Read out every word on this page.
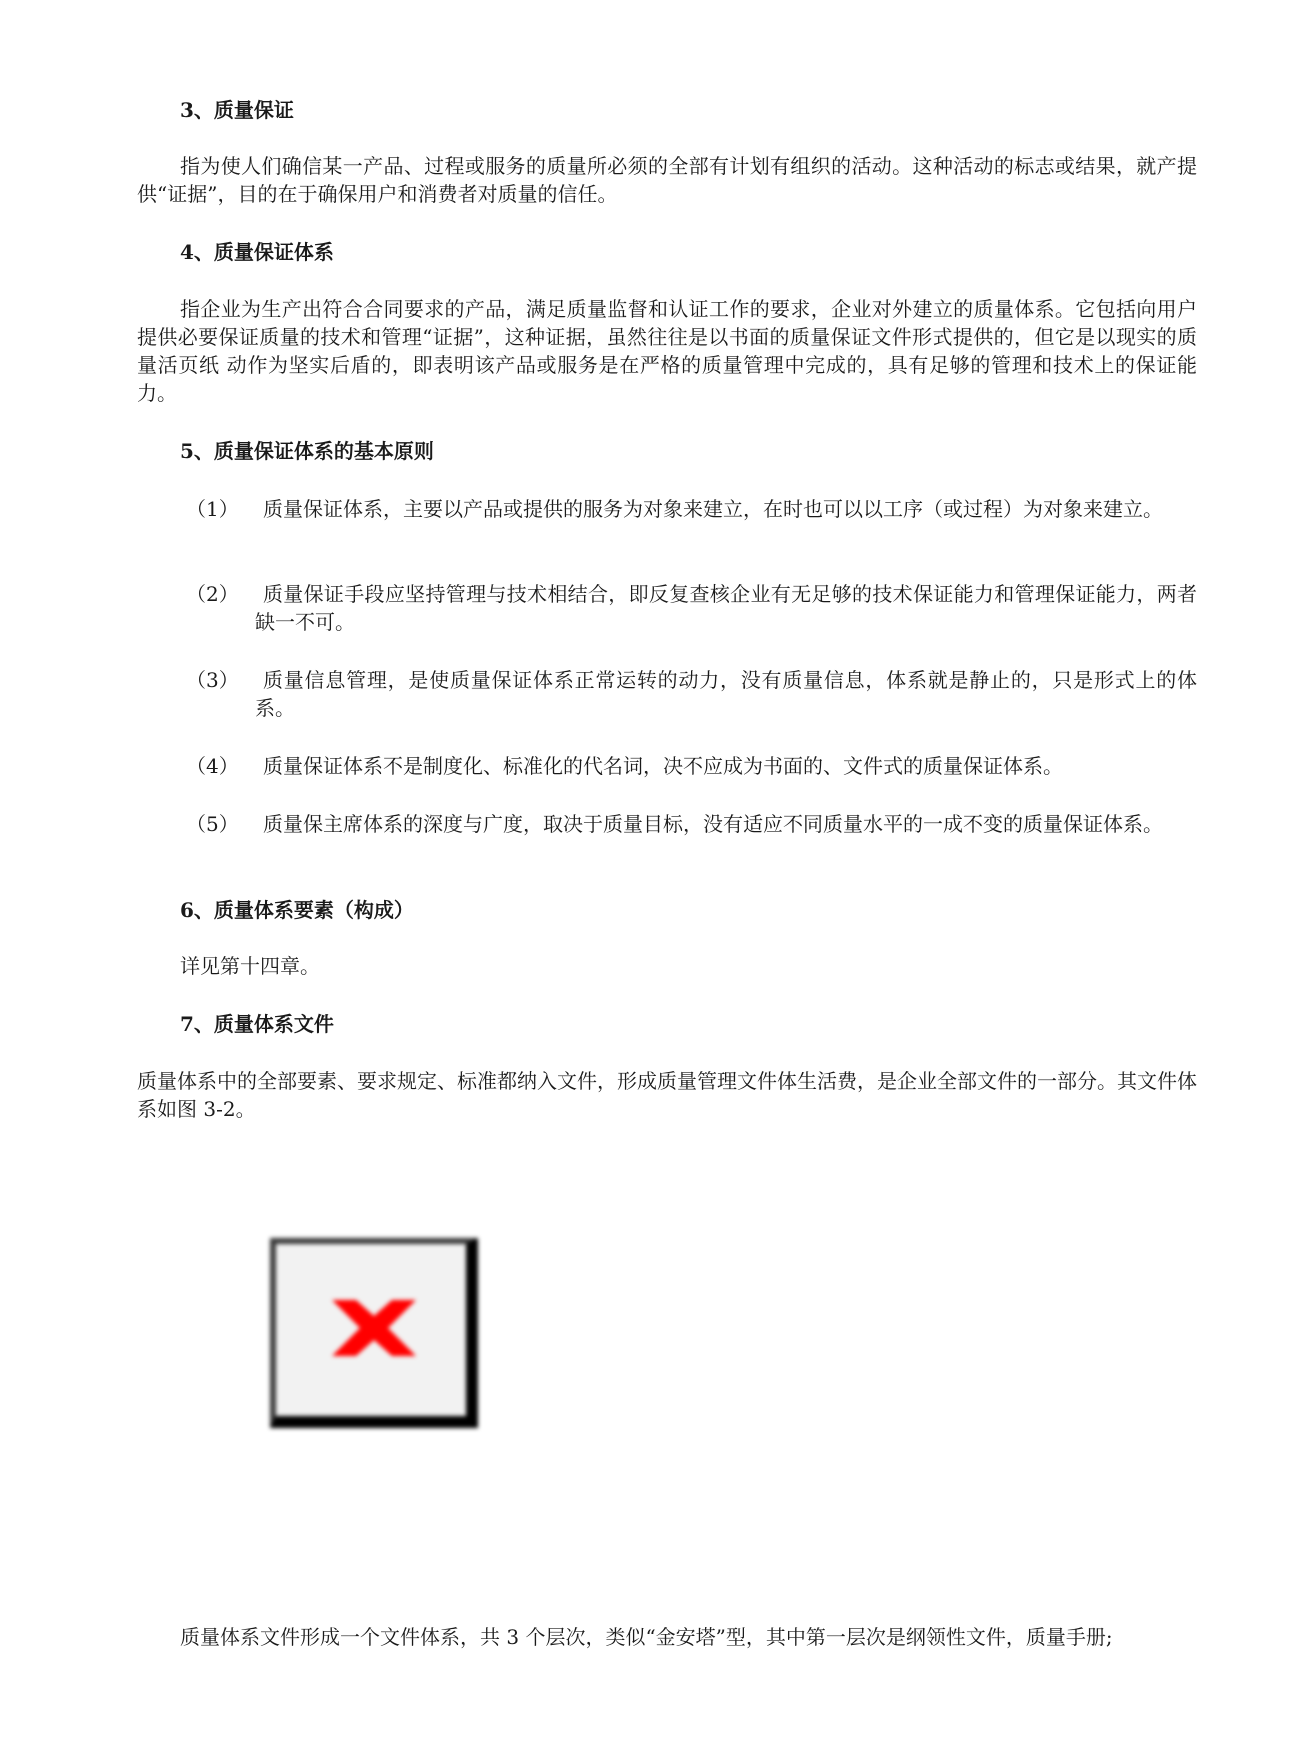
3、质量保证

指为使人们确信某一产品、过程或服务的质量所必须的全部有计划有组织的活动。这种活动的标志或结果，就产提供“证据”，目的在于确保用户和消费者对质量的信任。

4、质量保证体系

指企业为生产出符合合同要求的产品，满足质量监督和认证工作的要求，企业对外建立的质量体系。它包括向用户提供必要保证质量的技术和管理“证据”，这种证据，虽然往往是以书面的质量保证文件形式提供的，但它是以现实的质量活页纸 动作为坚实后盾的，即表明该产品或服务是在严格的质量管理中完成的，具有足够的管理和技术上的保证能力。

5、质量保证体系的基本原则

（1）	质量保证体系，主要以产品或提供的服务为对象来建立，在时也可以以工序（或过程）为对象来建立。
（2）	质量保证手段应坚持管理与技术相结合，即反复查核企业有无足够的技术保证能力和管理保证能力，两者缺一不可。
（3）	质量信息管理，是使质量保证体系正常运转的动力，没有质量信息，体系就是静止的，只是形式上的体系。
（4）	质量保证体系不是制度化、标准化的代名词，决不应成为书面的、文件式的质量保证体系。
（5）	质量保主席体系的深度与广度，取决于质量目标，没有适应不同质量水平的一成不变的质量保证体系。

6、质量体系要素（构成）

详见第十四章。

7、质量体系文件

质量体系中的全部要素、要求规定、标准都纳入文件，形成质量管理文件体生活费，是企业全部文件的一部分。其文件体系如图 3-2。

质量体系文件形成一个文件体系，共 3 个层次，类似“金安塔”型，其中第一层次是纲领性文件，质量手册;
